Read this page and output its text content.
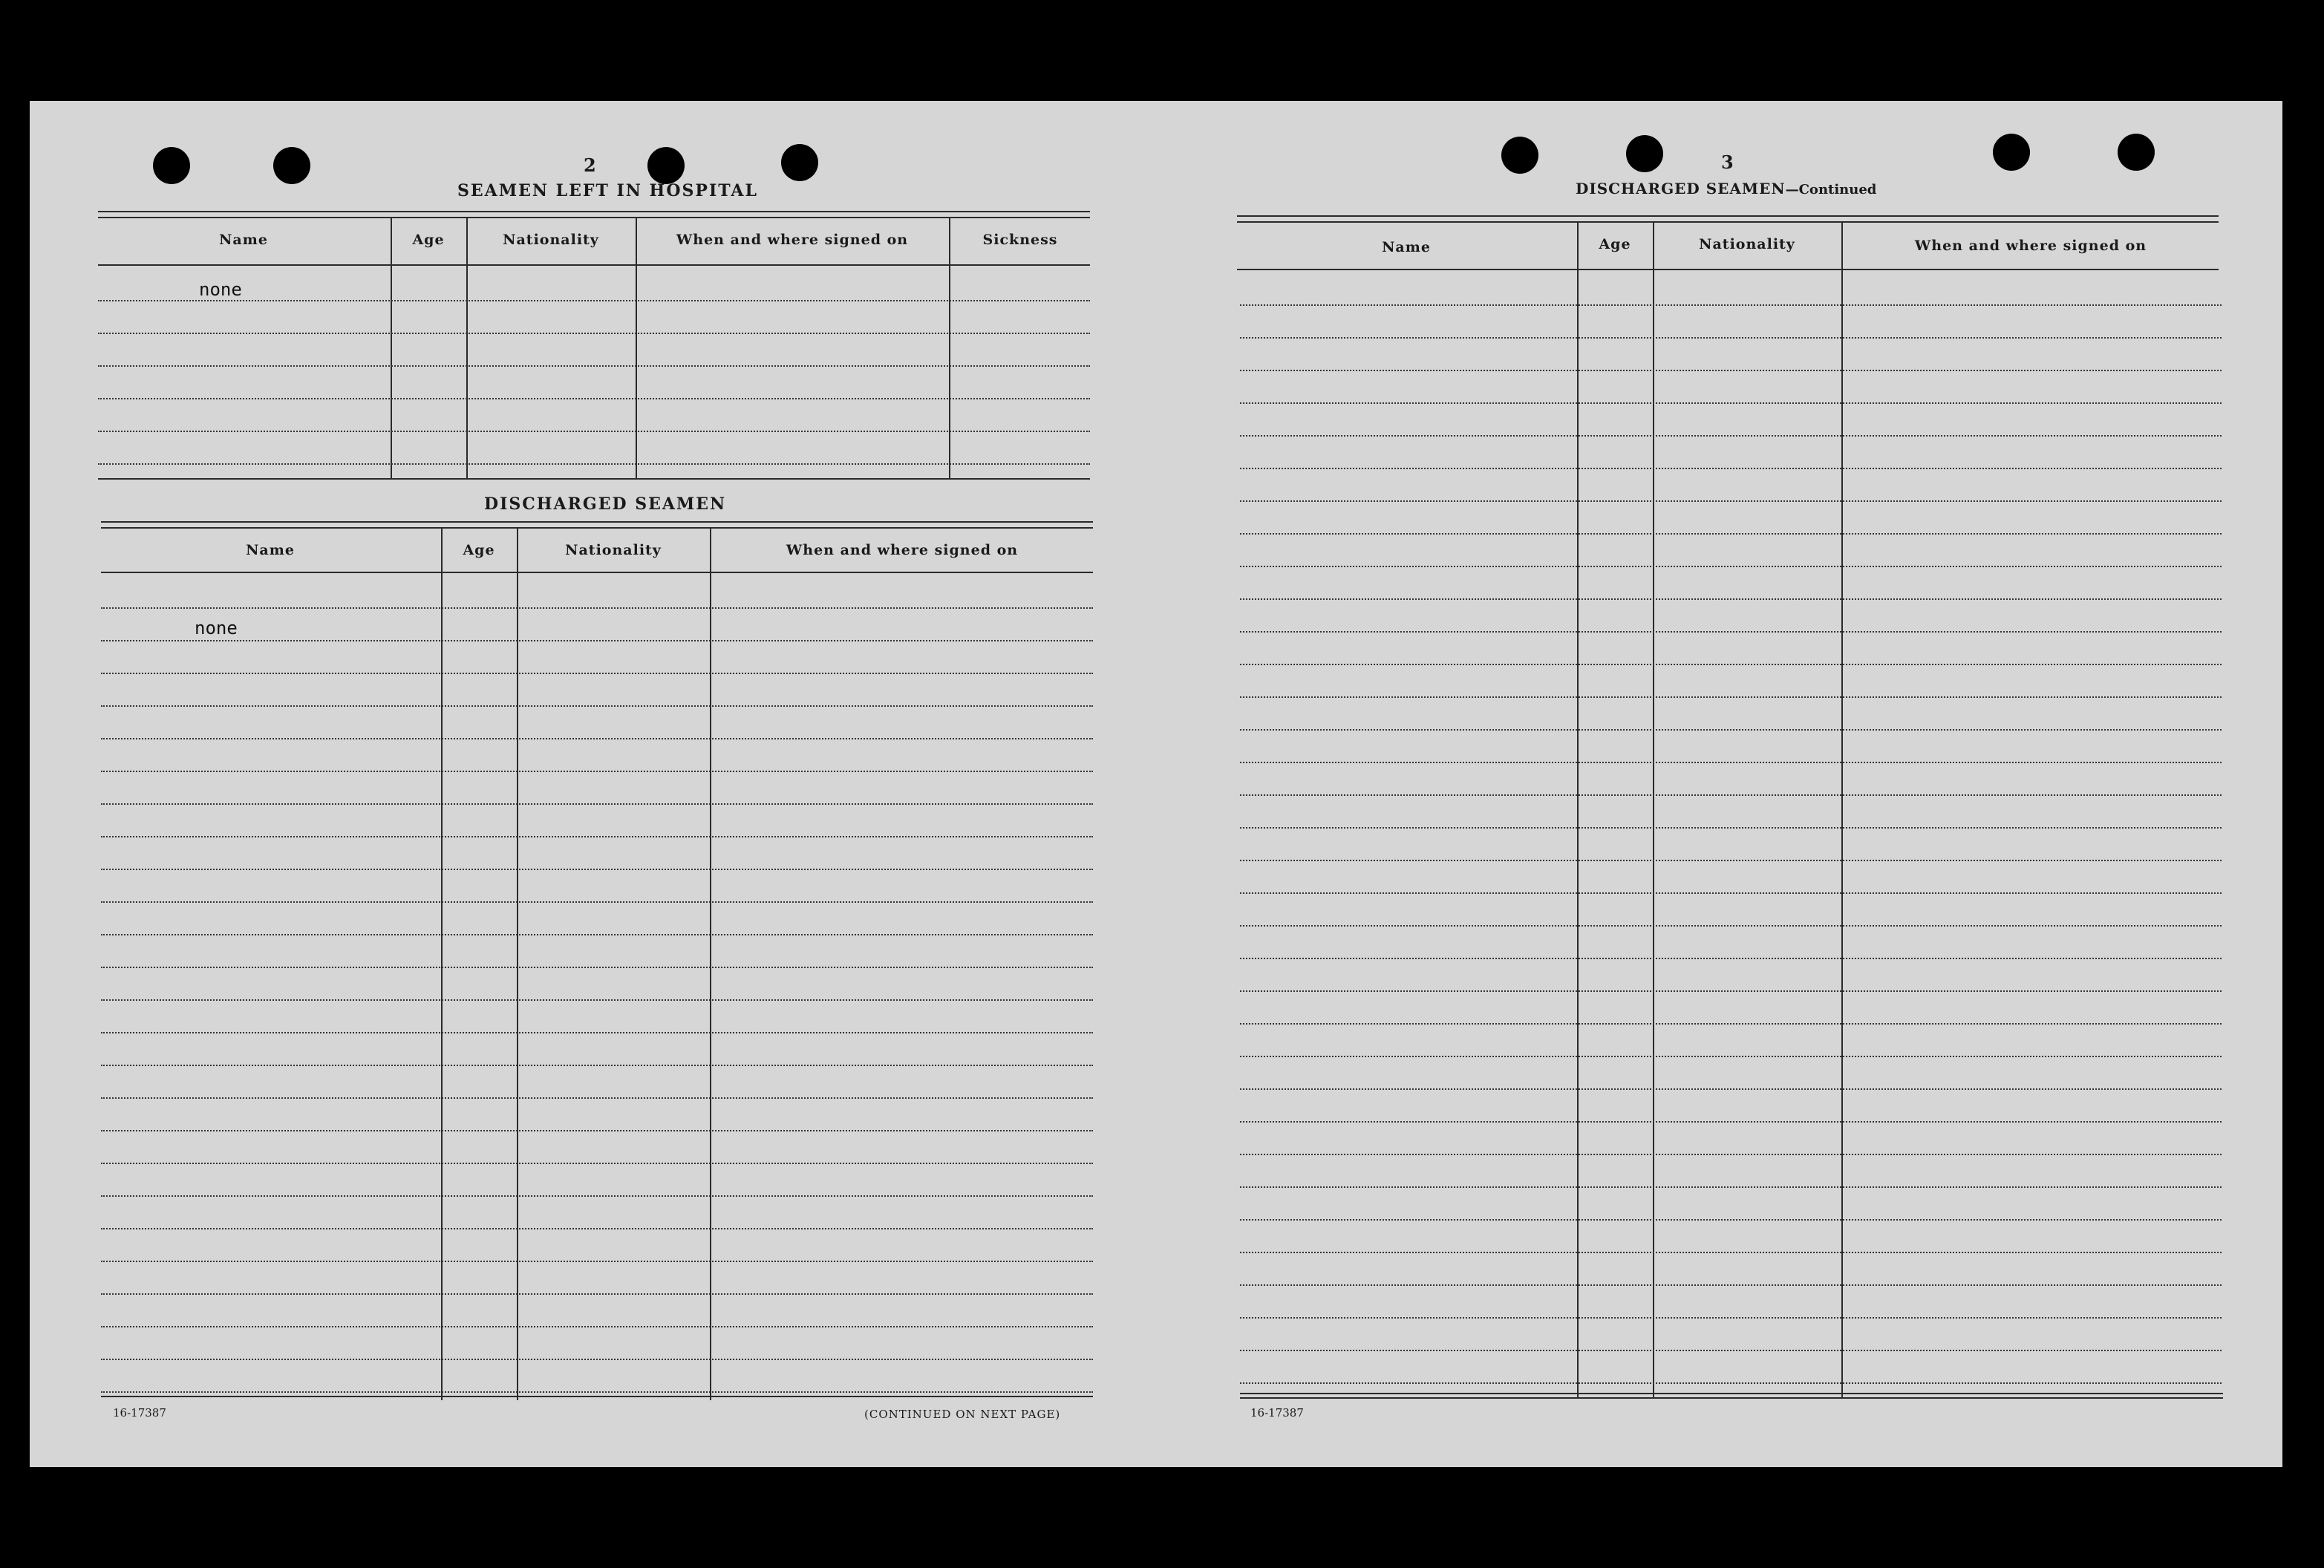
2
SEAMEN LEFT IN HOSPITAL
Name	Age	Nationality	When and where signed on	Sickness
none
DISCHARGED SEAMEN
Name	Age	Nationality	When and where signed on
none
16-17387	(CONTINUED ON NEXT PAGE)
3
DISCHARGED SEAMEN—Continued
Name	Age	Nationality	When and where signed on
16-17387
